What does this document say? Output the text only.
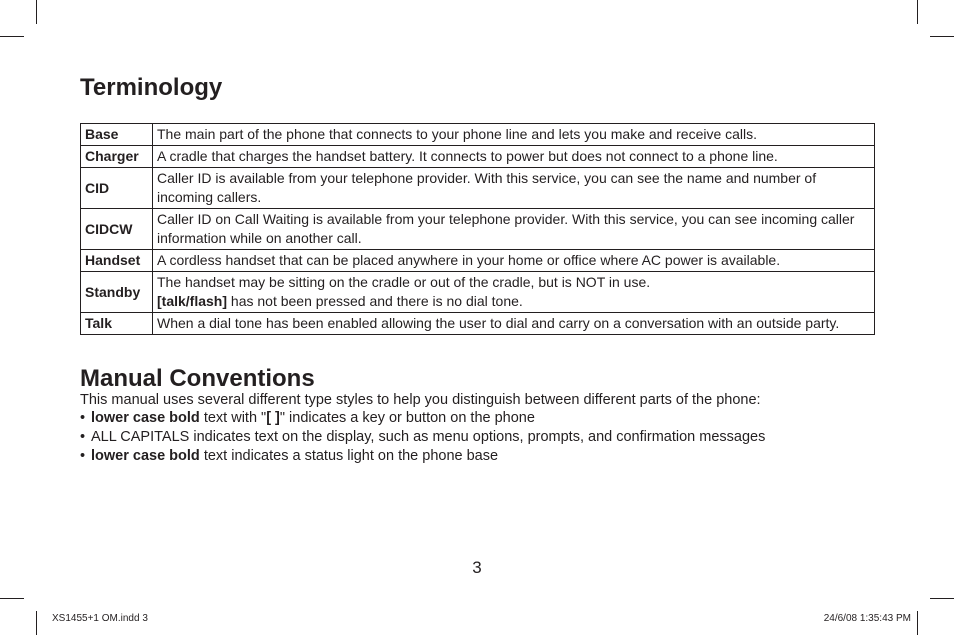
Terminology
Base	The main part of the phone that connects to your phone line and lets you make and receive calls.
Charger	A cradle that charges the handset battery. It connects to power but does not connect to a phone line.
CID	Caller ID is available from your telephone provider. With this service, you can see the name and number of incoming callers.
CIDCW	Caller ID on Call Waiting is available from your telephone provider. With this service, you can see incoming caller information while on another call.
Handset	A cordless handset that can be placed anywhere in your home or office where AC power is available.
Standby	The handset may be sitting on the cradle or out of the cradle, but is NOT in use.
[talk/flash] has not been pressed and there is no dial tone.
Talk	When a dial tone has been enabled allowing the user to dial and carry on a conversation with an outside party.
Manual Conventions
This manual uses several different type styles to help you distinguish between different parts of the phone:
• lower case bold text with "[ ]" indicates a key or button on the phone
• ALL CAPITALS indicates text on the display, such as menu options, prompts, and confirmation messages
• lower case bold text indicates a status light on the phone base
3
XS1455+1 OM.indd 3	24/6/08 1:35:43 PM
